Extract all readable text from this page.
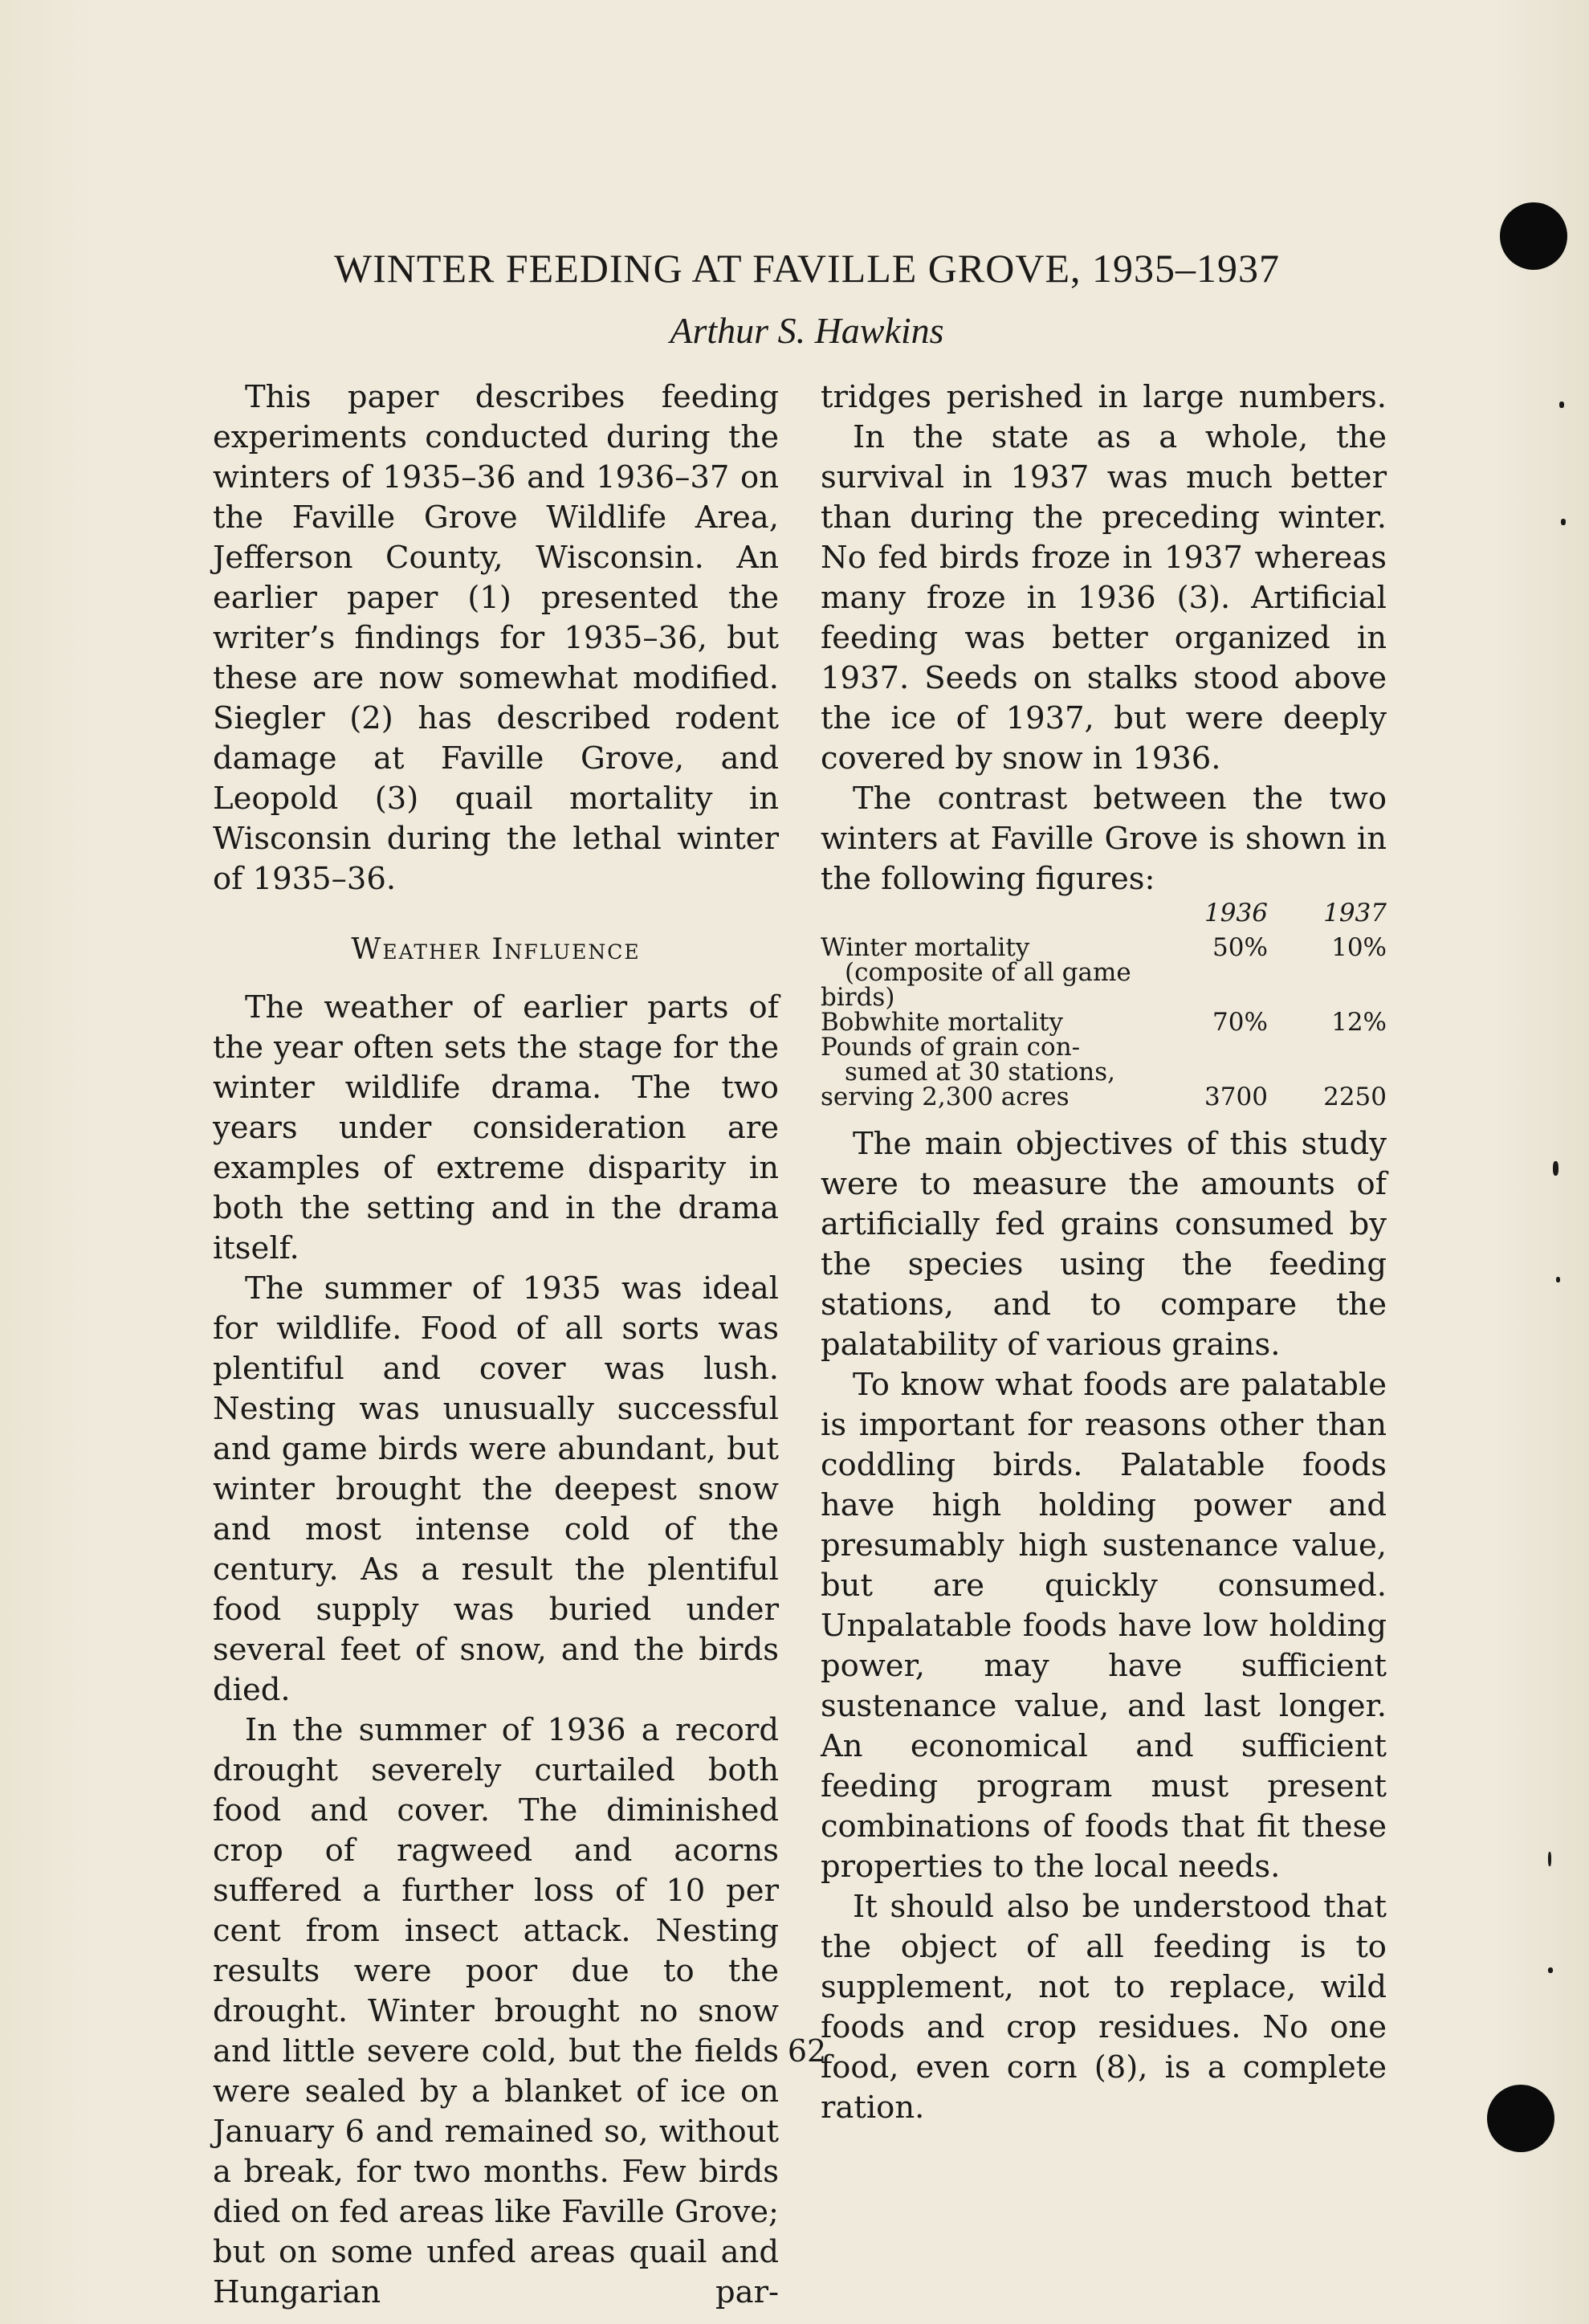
WINTER FEEDING AT FAVILLE GROVE, 1935–1937
Arthur S. Hawkins

This paper describes feeding experiments conducted during the winters of 1935–36 and 1936–37 on the Faville Grove Wildlife Area, Jefferson County, Wisconsin. An earlier paper (1) presented the writer’s findings for 1935–36, but these are now somewhat modified. Siegler (2) has described rodent damage at Faville Grove, and Leopold (3) quail mortality in Wisconsin during the lethal winter of 1935–36.

Weather Influence

The weather of earlier parts of the year often sets the stage for the winter wildlife drama. The two years under consideration are examples of extreme disparity in both the setting and in the drama itself.

The summer of 1935 was ideal for wildlife. Food of all sorts was plentiful and cover was lush. Nesting was unusually successful and game birds were abundant, but winter brought the deepest snow and most intense cold of the century. As a result the plentiful food supply was buried under several feet of snow, and the birds died.

In the summer of 1936 a record drought severely curtailed both food and cover. The diminished crop of ragweed and acorns suffered a further loss of 10 per cent from insect attack. Nesting results were poor due to the drought. Winter brought no snow and little severe cold, but the fields were sealed by a blanket of ice on January 6 and remained so, without a break, for two months. Few birds died on fed areas like Faville Grove; but on some unfed areas quail and Hungarian par-

tridges perished in large numbers.

In the state as a whole, the survival in 1937 was much better than during the preceding winter. No fed birds froze in 1937 whereas many froze in 1936 (3). Artificial feeding was better organized in 1937. Seeds on stalks stood above the ice of 1937, but were deeply covered by snow in 1936.

The contrast between the two winters at Faville Grove is shown in the following figures:

	1936	1937
Winter mortality
(composite of all game birds)	50%	10%
Bobwhite mortality	70%	12%
Pounds of grain con-
sumed at 30 stations, serving 2,300 acres	3700	2250

The main objectives of this study were to measure the amounts of artificially fed grains consumed by the species using the feeding stations, and to compare the palatability of various grains.

To know what foods are palatable is important for reasons other than coddling birds. Palatable foods have high holding power and presumably high sustenance value, but are quickly consumed. Unpalatable foods have low holding power, may have sufficient sustenance value, and last longer. An economical and sufficient feeding program must present combinations of foods that fit these properties to the local needs.

It should also be understood that the object of all feeding is to supplement, not to replace, wild foods and crop residues. No one food, even corn (8), is a complete ration.

62
